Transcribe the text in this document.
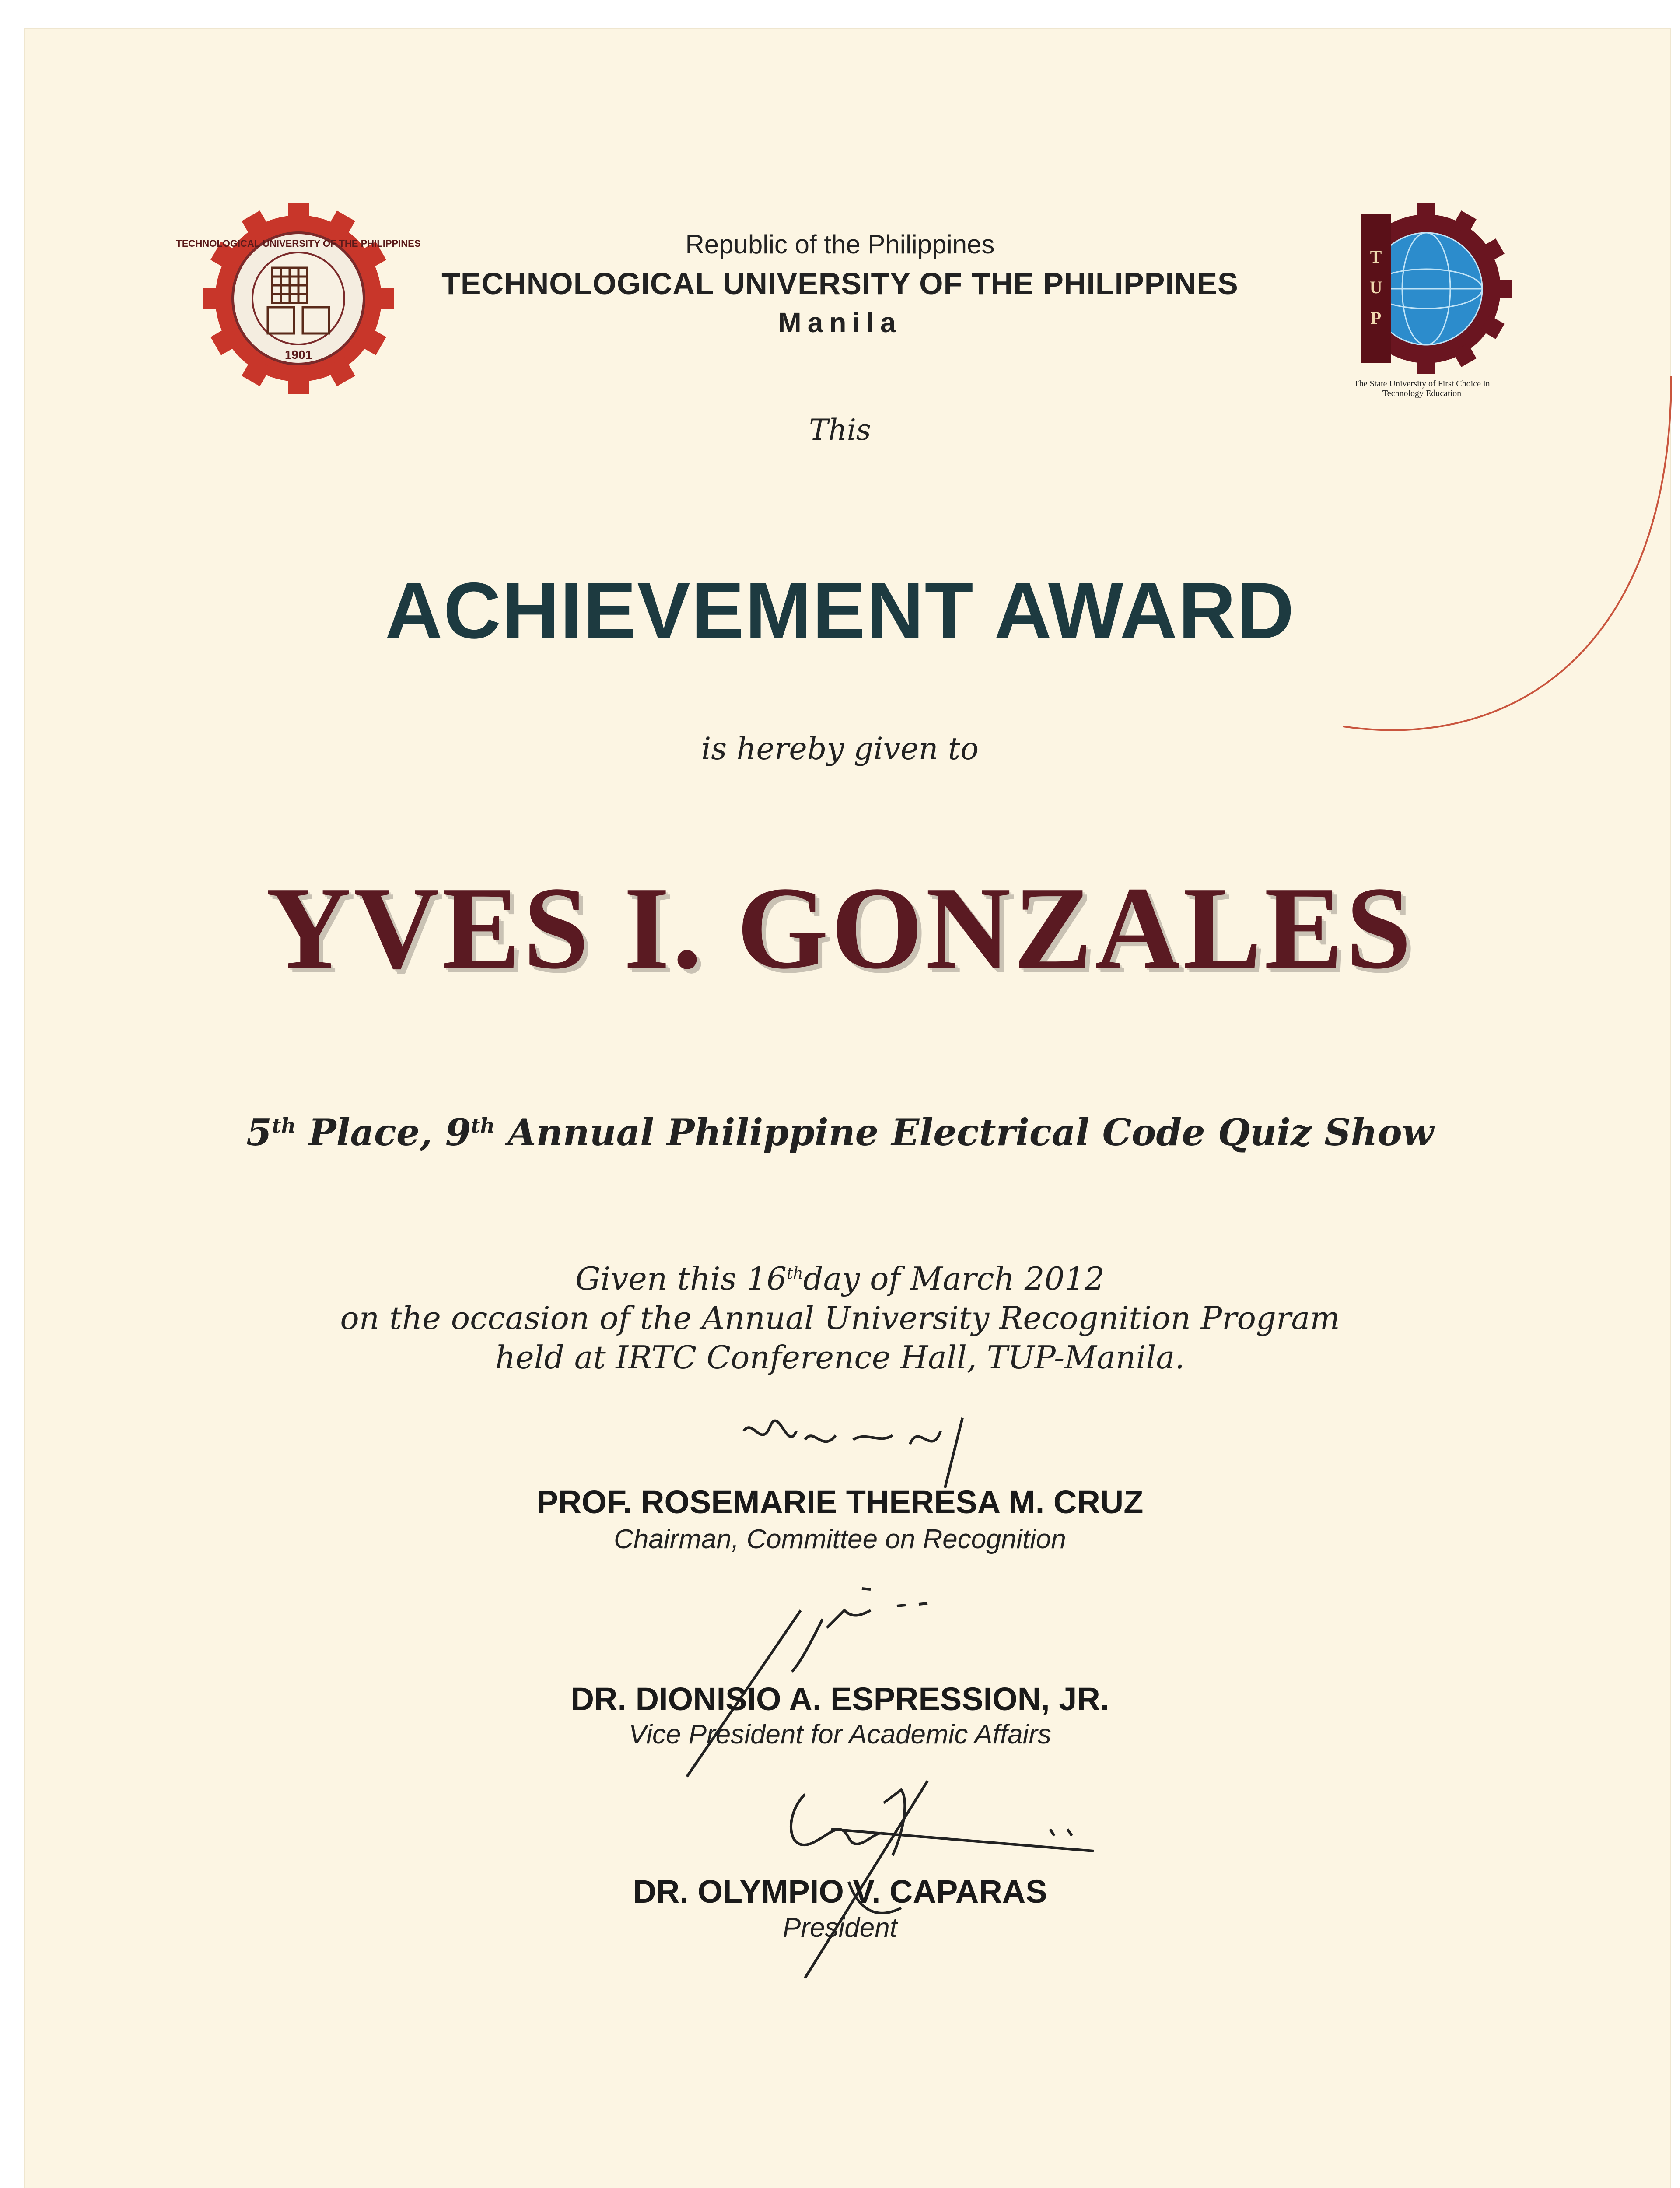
TECHNOLOGICAL UNIVERSITY OF THE PHILIPPINES
1901
T
U
P
The State University of First Choice in
Technology Education
Republic of the Philippines
TECHNOLOGICAL UNIVERSITY OF THE PHILIPPINES
Manila
This
ACHIEVEMENT AWARD
is hereby given to
YVES I. GONZALES
5th Place, 9th Annual Philippine Electrical Code Quiz Show
Given this 16thday of March 2012
on the occasion of the Annual University Recognition Program
held at IRTC Conference Hall, TUP-Manila.
PROF. ROSEMARIE THERESA M. CRUZ
Chairman, Committee on Recognition
DR. DIONISIO A. ESPRESSION, JR.
Vice President for Academic Affairs
DR. OLYMPIO V. CAPARAS
President
